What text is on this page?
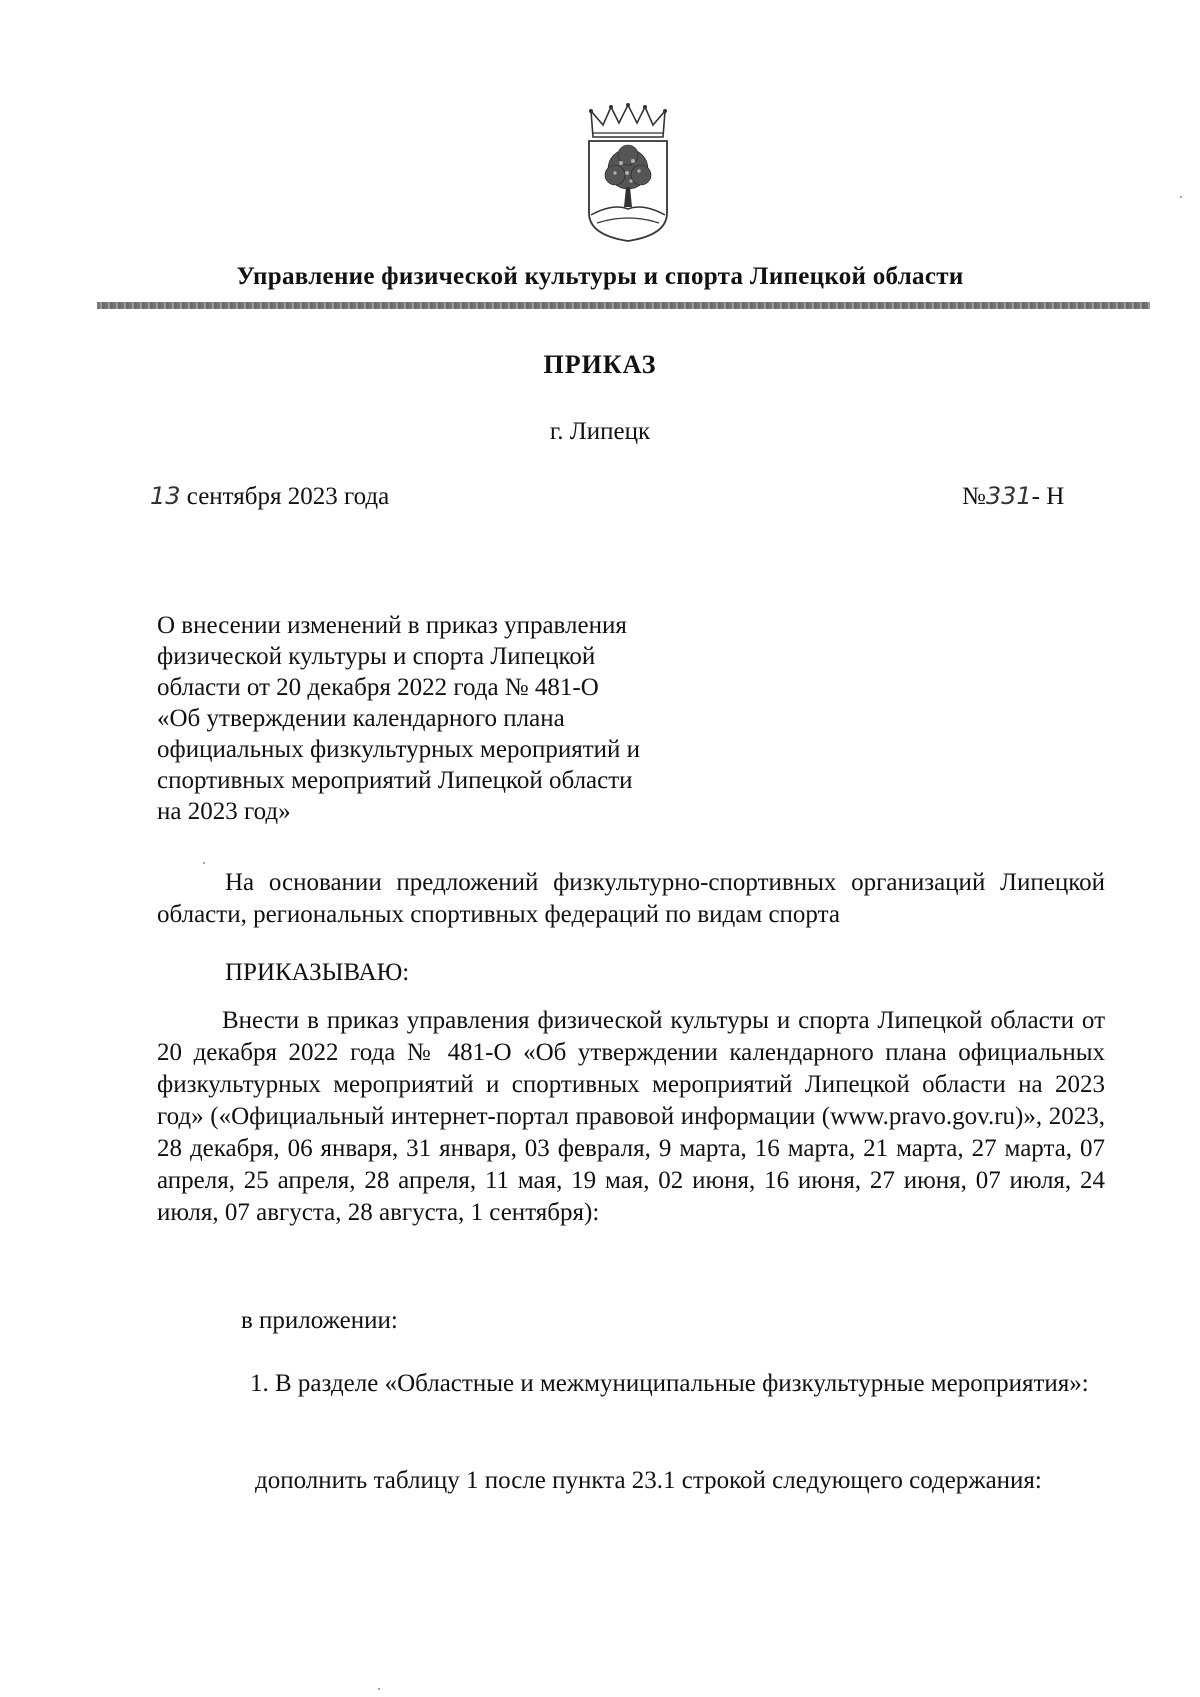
Управление физической культуры и спорта Липецкой области
ПРИКАЗ
г. Липецк
13 сентября 2023 года	№331- Н
О внесении изменений в приказ управления
физической культуры и спорта Липецкой
области от 20 декабря 2022 года № 481-О
«Об утверждении календарного плана
официальных физкультурных мероприятий и
спортивных мероприятий Липецкой области
на 2023 год»
На основании предложений физкультурно-спортивных организаций Липецкой области, региональных спортивных федераций по видам спорта
ПРИКАЗЫВАЮ:
Внести в приказ управления физической культуры и спорта Липецкой области от 20 декабря 2022 года № 481-О «Об утверждении календарного плана официальных физкультурных мероприятий и спортивных мероприятий Липецкой области на 2023 год» («Официальный интернет-портал правовой информации (www.pravo.gov.ru)», 2023, 28 декабря, 06 января, 31 января, 03 февраля, 9 марта, 16 марта, 21 марта, 27 марта, 07 апреля, 25 апреля, 28 апреля, 11 мая, 19 мая, 02 июня, 16 июня, 27 июня, 07 июля, 24 июля, 07 августа, 28 августа, 1 сентября):
в приложении:
1. В разделе «Областные и межмуниципальные физкультурные мероприятия»:
дополнить таблицу 1 после пункта 23.1 строкой следующего содержания:
